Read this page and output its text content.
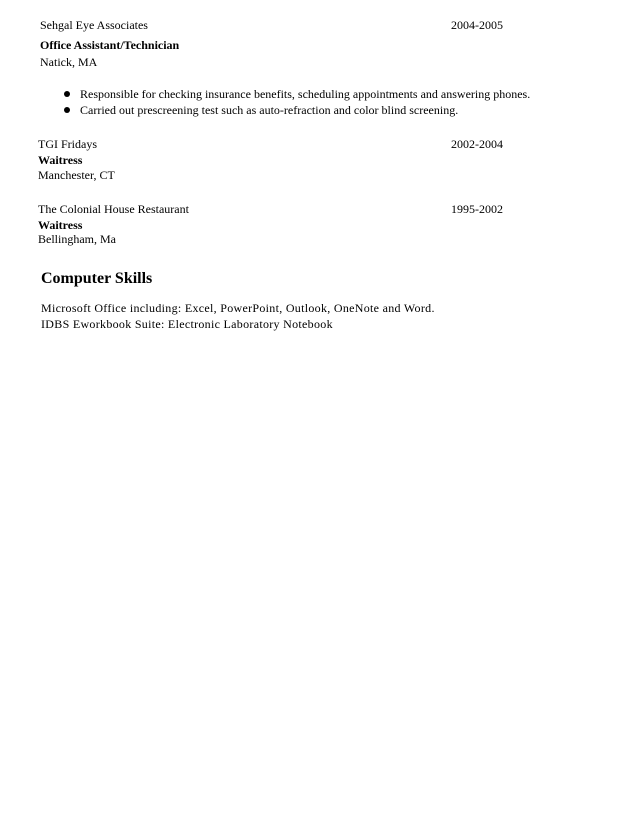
Sehgal Eye Associates	2004-2005
Office Assistant/Technician
Natick, MA
Responsible for checking insurance benefits, scheduling appointments and answering phones.
Carried out prescreening test such as auto-refraction and color blind screening.
TGI Fridays	2002-2004
Waitress
Manchester, CT
The Colonial House Restaurant	1995-2002
Waitress
Bellingham, Ma
Computer Skills
Microsoft Office including: Excel, PowerPoint, Outlook, OneNote and Word.
IDBS Eworkbook Suite: Electronic Laboratory Notebook
